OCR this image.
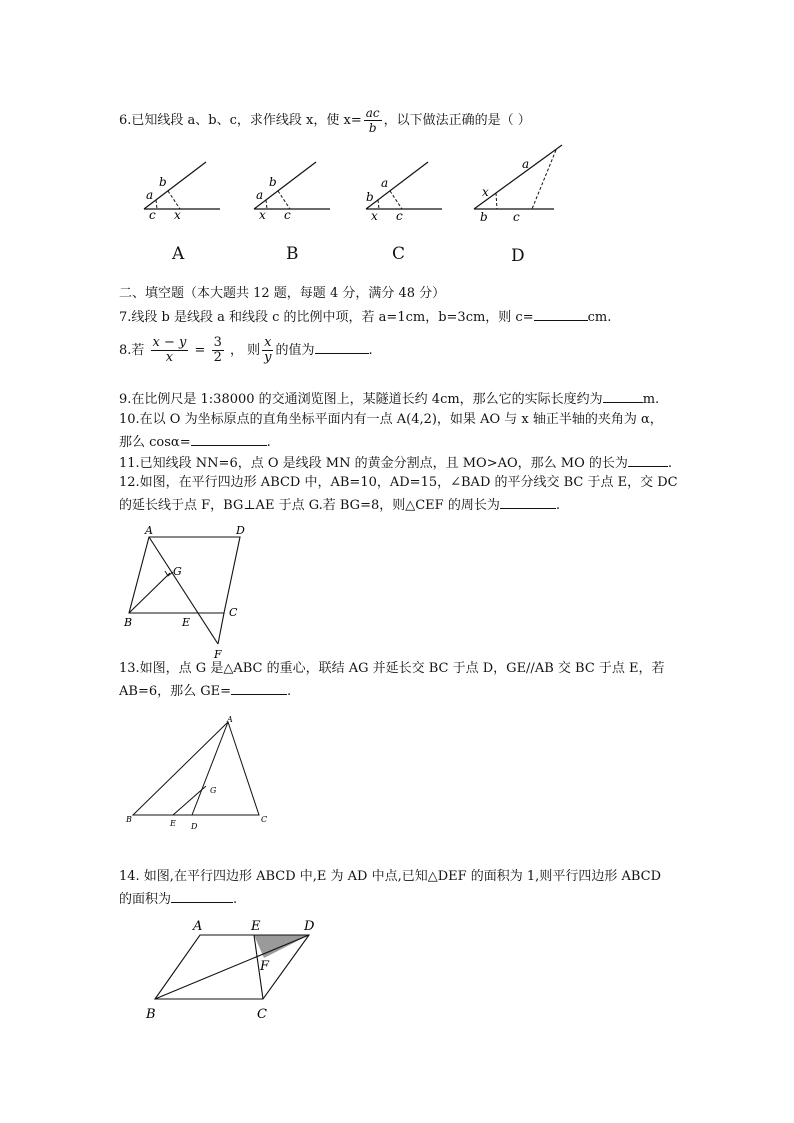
6.已知线段 a、b、c，求作线段 x，使 $x= \frac{ac}{b}$ ，以下做法正确的是（ ）
a
b
c x
A
a
b
x c
B
b
a
x c
C
x
a
b c
D
二、填空题（本大题共 12 题，每题 4 分，满分 48 分）
7.线段 b 是线段 a 和线段 c 的比例中项，若 a=1cm，b=3cm，则 c=	cm.
8.若 $\frac{x - y}{x} = \frac{3}{2}$ ， 则 $\frac{x}{y}$ 的值为	.
9.在比例尺是 1:38000 的交通浏览图上，某隧道长约 4cm，那么它的实际长度约为	m.
10.在以 O 为坐标原点的直角坐标平面内有一点 A(4,2)，如果 AO 与 x 轴正半轴的夹角为 α，
那么 cosα=	.
11.已知线段 NN=6，点 O 是线段 MN 的黄金分割点，且 MO>AO，那么 MO 的长为	.
12.如图，在平行四边形 ABCD 中，AB=10，AD=15，∠BAD 的平分线交 BC 于点 E，交 DC
的延长线于点 F，BG⊥AE 于点 G.若 BG=8，则△CEF 的周长为	.
A	D
G
B	E
C
F
13.如图，点 G 是△ABC 的重心，联结 AG 并延长交 BC 于点 D，GE//AB 交 BC 于点 E，若
AB=6，那么 GE=	.
A
G
B	E D
C
14. 如图,在平行四边形 ABCD 中,E 为 AD 中点,已知△DEF 的面积为 1,则平行四边形 ABCD
的面积为	.
A	E	D
F
B	C
